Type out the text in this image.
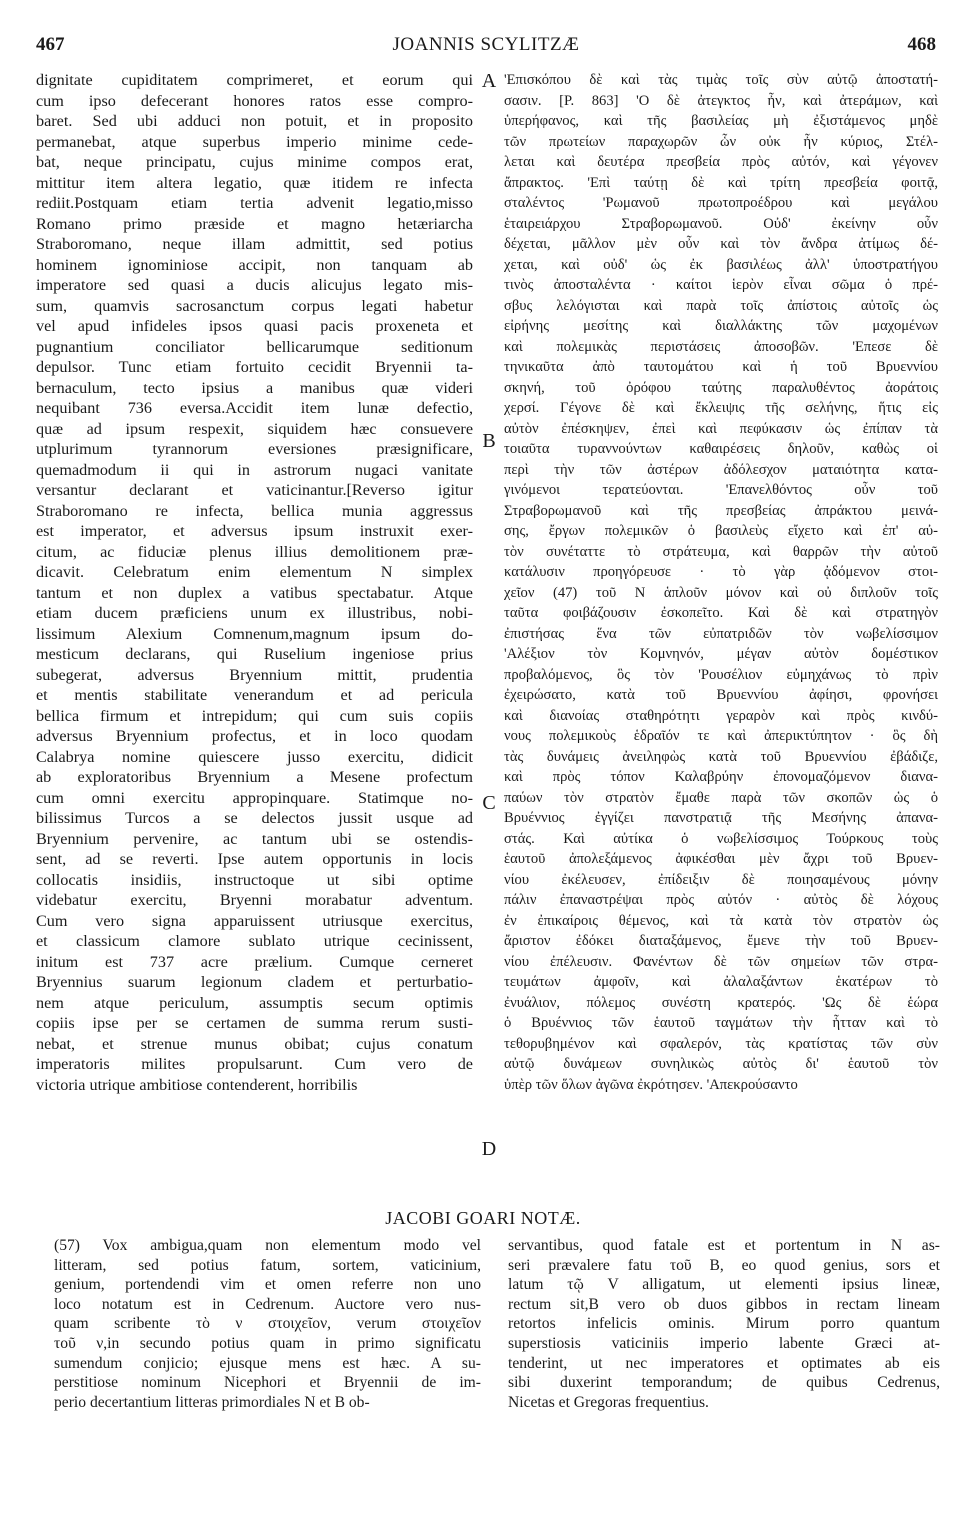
467	JOANNIS SCYLITZÆ	468
dignitate cupiditatem comprimeret, et eorum qui
cum ipso defecerant honores ratos esse compro-
baret. Sed ubi adduci non potuit, et in proposito
permanebat, atque superbus imperio minime cede-
bat, neque principatu, cujus minime compos erat,
mittitur item altera legatio, quæ itidem re infecta
rediit.Postquam etiam tertia advenit legatio,misso
Romano primo præside et magno hetæriarcha
Straboromano, neque illam admittit, sed potius
hominem ignominiose accipit, non tanquam ab
imperatore sed quasi a ducis alicujus legato mis-
sum, quamvis sacrosanctum corpus legati habetur
vel apud infideles ipsos quasi pacis proxeneta et
pugnantium conciliator bellicarumque seditionum
depulsor. Tunc etiam fortuito cecidit Bryennii ta-
bernaculum, tecto ipsius a manibus quæ videri
nequibant 736 eversa.Accidit item lunæ defectio,
quæ ad ipsum respexit, siquidem hæc consuevere
utplurimum tyrannorum eversiones præsignificare,
quemadmodum ii qui in astrorum nugaci vanitate
versantur declarant et vaticinantur.[Reverso igitur
Straboromano re infecta, bellica munia aggressus
est imperator, et adversus ipsum instruxit exer-
citum, ac fiduciæ plenus illius demolitionem præ-
dicavit. Celebratum enim elementum N simplex
tantum et non duplex a vatibus spectabatur. Atque
etiam ducem præficiens unum ex illustribus, nobi-
lissimum Alexium Comnenum,magnum ipsum do-
mesticum declarans, qui Ruselium ingeniose prius
subegerat, adversus Bryennium mittit, prudentia
et mentis stabilitate venerandum et ad pericula
bellica firmum et intrepidum; qui cum suis copiis
adversus Bryennium profectus, et in loco quodam
Calabrya nomine quiescere jusso exercitu, didicit
ab exploratoribus Bryennium a Mesene profectum
cum omni exercitu appropinquare. Statimque no-
bilissimus Turcos a se delectos jussit usque ad
Bryennium pervenire, ac tantum ubi se ostendis-
sent, ad se reverti. Ipse autem opportunis in locis
collocatis insidiis, instructoque ut sibi optime
videbatur exercitu, Bryenni morabatur adventum.
Cum vero signa apparuissent utriusque exercitus,
et classicum clamore sublato utrique cecinissent,
initum est 737 acre prælium. Cumque cerneret
Bryennius suarum legionum cladem et perturbatio-
nem atque periculum, assumptis secum optimis
copiis ipse per se certamen de summa rerum susti-
nebat, et strenue munus obibat; cujus conatum
imperatoris milites propulsarunt. Cum vero de
victoria utrique ambitiose contenderent, horribilis
A
B
C
D
'Επισκόπου δὲ καὶ τὰς τιμὰς τοῖς σὺν αὐτῷ ἀποστατή-
σασιν. [P. 863] 'Ο δὲ ἀτεγκτος ἦν, καὶ ἀτεράμων, καὶ
ὑπερήφανος, καὶ τῆς βασιλείας μὴ ἐξιστάμενος μηδὲ
τῶν πρωτείων παραχωρῶν ὧν οὐκ ἦν κύριος, Στέλ-
λεται καὶ δευτέρα πρεσβεία πρὸς αὐτόν, καὶ γέγονεν
ἄπρακτος. 'Επὶ ταύτῃ δὲ καὶ τρίτη πρεσβεία φοιτᾷ,
σταλέντος 'Ρωμανοῦ πρωτοπροέδρου καὶ μεγάλου
ἑταιρειάρχου Στραβορωμανοῦ. Οὐδ' ἐκείνην οὖν
δέχεται, μᾶλλον μὲν οὖν καὶ τὸν ἄνδρα ἀτίμως δέ-
χεται, καὶ οὐδ' ὡς ἐκ βασιλέως ἀλλ' ὑποστρατήγου
τινὸς ἀποσταλέντα · καίτοι ἱερὸν εἶναι σῶμα ὁ πρέ-
σβυς λελόγισται καὶ παρὰ τοῖς ἀπίστοις αὐτοῖς ὡς
εἰρήνης μεσίτης καὶ διαλλάκτης τῶν μαχομένων
καὶ πολεμικὰς περιστάσεις ἀποσοβῶν. 'Επεσε δὲ
τηνικαῦτα ἀπὸ ταυτομάτου καὶ ἡ τοῦ Βρυεννίου
σκηνή, τοῦ ὀρόφου ταύτης παραλυθέντος ἀοράτοις
χερσί. Γέγονε δὲ καὶ ἔκλειψις τῆς σελήνης, ἥτις εἰς
αὐτὸν ἐπέσκηψεν, ἐπεὶ καὶ πεφύκασιν ὡς ἐπίπαν τὰ
τοιαῦτα τυραννούντων καθαιρέσεις δηλοῦν, καθὼς οἱ
περὶ τὴν τῶν ἀστέρων ἀδόλεσχον ματαιότητα κατα-
γινόμενοι τερατεύονται. 'Επανελθόντος οὖν τοῦ
Στραβορωμανοῦ καὶ τῆς πρεσβείας ἀπράκτου μεινά-
σης, ἔργων πολεμικῶν ὁ βασιλεὺς εἴχετο καὶ ἐπ' αὐ-
τὸν συνέταττε τὸ στράτευμα, καὶ θαρρῶν τὴν αὐτοῦ
κατάλυσιν προηγόρευσε · τὸ γὰρ ᾀδόμενον στοι-
χεῖον (47) τοῦ Ν ἁπλοῦν μόνον καὶ οὐ διπλοῦν τοῖς
ταῦτα φοιβάζουσιν ἐσκοπεῖτο. Καὶ δὲ καὶ στρατηγὸν
ἐπιστήσας ἕνα τῶν εὐπατριδῶν τὸν νωβελίσσιμον
'Αλέξιον τὸν Κομνηνόν, μέγαν αὐτὸν δομέστικον
προβαλόμενος, ὃς τὸν 'Ρουσέλιον εὐμηχάνως τὸ πρὶν
ἐχειρώσατο, κατὰ τοῦ Βρυεννίου ἀφίησι, φρονήσει
καὶ διανοίας σταθηρότητι γεραρὸν καὶ πρὸς κινδύ-
νους πολεμικοὺς ἑδραῖόν τε καὶ ἀπερικτύπητον · ὃς δὴ
τὰς δυνάμεις ἀνειληφὼς κατὰ τοῦ Βρυεννίου ἐβάδιζε,
καὶ πρὸς τόπον Καλαβρύην ἐπονομαζόμενον διανα-
παύων τὸν στρατὸν ἔμαθε παρὰ τῶν σκοπῶν ὡς ὁ
Βρυέννιος ἐγγίζει πανστρατιᾷ τῆς Μεσήνης ἀπανα-
στάς. Καὶ αὐτίκα ὁ νωβελίσσιμος Τούρκους τοὺς
ἑαυτοῦ ἀπολεξάμενος ἀφικέσθαι μὲν ἄχρι τοῦ Βρυεν-
νίου ἐκέλευσεν, ἐπίδειξιν δὲ ποιησαμένους μόνην
πάλιν ἐπαναστρέψαι πρὸς αὐτόν · αὐτὸς δὲ λόχους
ἐν ἐπικαίροις θέμενος, καὶ τὰ κατὰ τὸν στρατὸν ὡς
ἄριστον ἐδόκει διαταξάμενος, ἔμενε τὴν τοῦ Βρυεν-
νίου ἐπέλευσιν. Φανέντων δὲ τῶν σημείων τῶν στρα-
τευμάτων ἀμφοῖν, καὶ ἀλαλαξάντων ἑκατέρων τὸ
ἐνυάλιον, πόλεμος συνέστη κρατερός. 'Ως δὲ ἑώρα
ὁ Βρυέννιος τῶν ἑαυτοῦ ταγμάτων τὴν ἧτταν καὶ τὸ
τεθορυβημένον καὶ σφαλερόν, τὰς κρατίστας τῶν σὺν
αὐτῷ δυνάμεων συνηλικὼς αὐτὸς δι' ἑαυτοῦ τὸν
ὑπὲρ τῶν ὅλων ἀγῶνα ἐκρότησεν. 'Απεκρούσαντο
JACOBI GOARI NOTÆ.
(57) Vox ambigua,quam non elementum modo vel
litteram, sed potius fatum, sortem, vaticinium,
genium, portendendi vim et omen referre non uno
loco notatum est in Cedrenum. Auctore vero nus-
quam scribente τὸ ν στοιχεῖον, verum στοιχεῖον
τοῦ ν,in secundo potius quam in primo significatu
sumendum conjicio; ejusque mens est hæc. A su-
perstitiose nominum Nicephori et Bryennii de im-
perio decertantium litteras primordiales N et B ob-
servantibus, quod fatale est et portentum in N as-
seri prævalere fatu τοῦ Β, eo quod genius, sors et
latum τῷ V alligatum, ut elementi ipsius lineæ,
rectum sit,B vero ob duos gibbos in rectam lineam
retortos infelicis ominis. Mirum porro quantum
superstiosis vaticiniis imperio labente Græci at-
tenderint, ut nec imperatores et optimates ab eis
sibi duxerint temporandum; de quibus Cedrenus,
Nicetas et Gregoras frequentius.
